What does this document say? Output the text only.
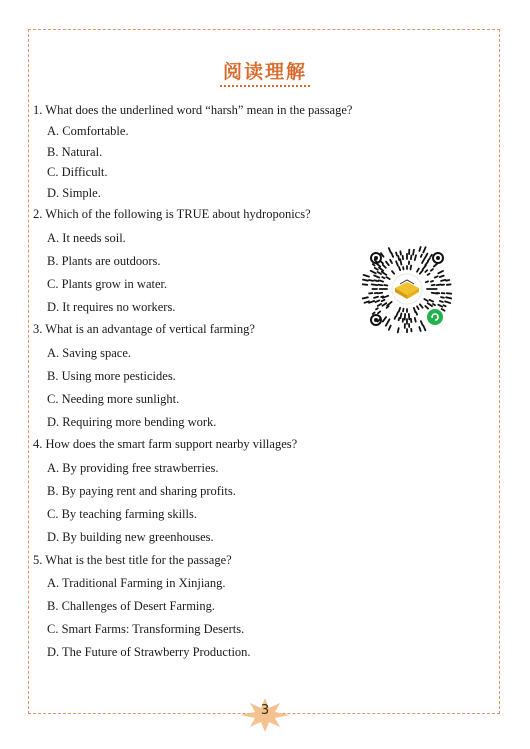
阅读理解
1. What does the underlined word “harsh” mean in the passage?
A. Comfortable.
B. Natural.
C. Difficult.
D. Simple.
2. Which of the following is TRUE about hydroponics?
A. It needs soil.
B. Plants are outdoors.
C. Plants grow in water.
D. It requires no workers.
3. What is an advantage of vertical farming?
A. Saving space.
B. Using more pesticides.
C. Needing more sunlight.
D. Requiring more bending work.
4. How does the smart farm support nearby villages?
A. By providing free strawberries.
B. By paying rent and sharing profits.
C. By teaching farming skills.
D. By building new greenhouses.
5. What is the best title for the passage?
A. Traditional Farming in Xinjiang.
B. Challenges of Desert Farming.
C. Smart Farms: Transforming Deserts.
D. The Future of Strawberry Production.
3
